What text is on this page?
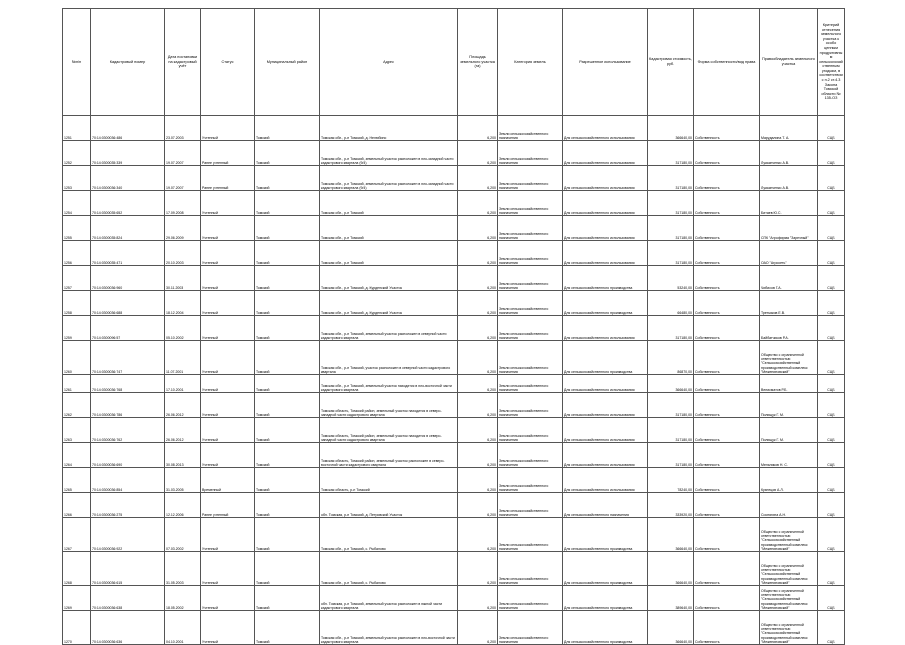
№п/п	Кадастровый номер	Дата постановки на кадастровый учёт	Статус	Муниципальный район	Адрес	Площадь земельного участка (га)	Категория земель	Разрешенное использование	Кадастровая стоимость, руб.	Форма собственности/вид права	Правообладатель земельного участка	Критерий отнесения земельного участка к особо ценным продуктивным сельскохозяйственным угодьям, в соответствии с п.2 ст.4.3 Закона Томской области № 135-ОЗ
1251	70:14:0300036:486	23.07.2003	Учтенный	Томский	Томская обл., р-н Томский, д. Нелюбино	6,200	Земли сельскохозяйственного назначения	Для сельскохозяйственного использования	366640,00	Собственность	Марудалина Т. А.	СЦБ
1252	70:14:0300035:339	19.07.2007	Ранее учтенный	Томский	Томская обл., р-н Томский, земельный участок расположен в юго-западной части кадастрового квартала (9/4)	6,200	Земли сельскохозяйственного назначения	Для сельскохозяйственного использования	317180,00	Собственность	Лукьянченко А.В.	СЦБ
1253	70:14:0300036:340	19.07.2007	Ранее учтенный	Томский	Томская обл., р-н Томский, земельный участок расположен в юго-западной части кадастрового квартала (9/4)	6,200	Земли сельскохозяйственного назначения	Для сельскохозяйственного использования	317180,00	Собственность	Лукьянченко А.В.	СЦБ
1254	70:14:0300035:652	17.09.2008	Учтенный	Томский	Томская обл., р-н Томский	6,200	Земли сельскохозяйственного назначения	Для сельскохозяйственного использования	317180,00	Собственность	Битаев Ю.С.	СЦБ
1255	70:14:0300035:824	29.06.2009	Учтенный	Томский	Томская обл., р-н Томский	6,200	Земли сельскохозяйственного назначения	Для сельскохозяйственного использования	317180,00	Собственность	СПК "Агрофирма "Заречный"	СЦБ
1256	70:14:0300035:471	20.10.2003	Учтенный	Томский	Томская обл., р-н Томский	6,200	Земли сельскохозяйственного назначения	Для сельскохозяйственного использования	317180,00	Собственность	ОАО "Агросеть"	СЦБ
1257	70:14:0300036:960	30.11.2003	Учтенный	Томский	Томская обл., р-н Томский, д. Курденский Участок	6,200	Земли сельскохозяйственного назначения	Для сельскохозяйственного производства	53240,00	Собственность	Чибисов Г.А.	СЦБ
1258	70:14:0300036:688	18.12.2004	Учтенный	Томский	Томская обл., р-н Томский, д. Курденский Участок	6,200	Земли сельскохозяйственного назначения	Для сельскохозяйственного производства	66480,00	Собственность	Третьяков Е.В.	СЦБ
1259	70:14:0300096:57	05.10.2002	Учтенный	Томский	Томская обл., р-н Томский, земельный участок расположен в северной части кадастрового квартала	6,200	Земли сельскохозяйственного назначения	Для сельскохозяйственного использования	317180,00	Собственность	Байбатчиков Р.А.	СЦБ
1260	70:14:0300036:747	11.07.2001	Учтенный	Томский	Томская обл., р-н Томский, участок расположен в северной части кадастрового квартала	6,200	Земли сельскохозяйственного назначения	Для сельскохозяйственного производства	86870,00	Собственность	Общество с ограниченной ответственностью "Сельскохозяйственный производственный комплекс "Межениновский"	СЦБ
1261	70:14:0300036:768	17.10.2001	Учтенный	Томский	Томская обл., р-н Томский, земельный участок находится в юго-восточной части кадастрового квартала	6,200	Земли сельскохозяйственного назначения	Для сельскохозяйственного использования	366640,00	Собственность	Велисматов Р.Б.	СЦБ
1262	70:14:0300036:786	26.06.2012	Учтенный	Томский	Томская область, Томский район, земельный участок находится в северо-западной части кадастрового квартала	6,200	Земли сельскохозяйственного назначения	Для сельскохозяйственного использования	317180,00	Собственность	Полищук Г. М.	СЦБ
1263	70:14:0300036:762	26.06.2012	Учтенный	Томский	Томская область, Томский район, земельный участок находится в северо-западной части кадастрового квартала	6,200	Земли сельскохозяйственного назначения	Для сельскохозяйственного использования	317180,00	Собственность	Полищук Г. М.	СЦБ
1264	70:14:0300036:690	30.08.2013	Учтенный	Томский	Томская область, Томский район, земельный участок расположен в северо-восточной части кадастрового квартала	6,200	Земли сельскохозяйственного назначения	Для сельскохозяйственного использования	317180,00	Собственность	Мельников Н. С.	СЦБ
1265	70:14:0300036:854	31.03.2005	Временный	Томский	Томская область, р-н Томский	6,200	Земли сельскохозяйственного назначения	Для сельскохозяйственного использования	78240,00	Собственность	Кузнецов А.Л.	СЦБ
1266	70:14:0300036:275	12.12.2006	Ранее учтенный	Томский	обл. Томская, р-н Томский, д. Петровский Участок	6,200	Земли сельскохозяйственного назначения	Для сельскохозяйственного назначения	333920,00	Собственность	Соснягина А.Н.	СЦБ
1267	70:14:0300036:922	07.03.2002	Учтенный	Томский	Томская обл., р-н Томский, с. Рыбалово	6,200	Земли сельскохозяйственного назначения	Для сельскохозяйственного производства	366640,00	Собственность	Общество с ограниченной ответственностью "Сельскохозяйственный производственный комплекс "Межениновский"	СЦБ
1268	70:14:0300036:615	31.05.2003	Учтенный	Томский	Томская обл., р-н Томский, с. Рыбалово	6,200	Земли сельскохозяйственного назначения	Для сельскохозяйственного производства	366640,00	Собственность	Общество с ограниченной ответственностью "Сельскохозяйственный производственный комплекс "Межениновский"	СЦБ
1269	70:14:0300036:638	18.05.2002	Учтенный	Томский	обл. Томская, р-н Томский, земельный участок расположен в южной части кадастрового квартала	6,200	Земли сельскохозяйственного назначения	Для сельскохозяйственного производства	389640,00	Собственность	Общество с ограниченной ответственностью "Сельскохозяйственный производственный комплекс "Межениновский"	СЦБ
1270	70:14:0300036:636	04.10.2001	Учтенный	Томский	Томская обл., р-н Томский, земельный участок расположен в юго-восточной части кадастрового квартала	6,200	Земли сельскохозяйственного назначения	Для сельскохозяйственного производства	366640,00	Собственность	Общество с ограниченной ответственностью "Сельскохозяйственный производственный комплекс "Межениновский"	СЦБ
